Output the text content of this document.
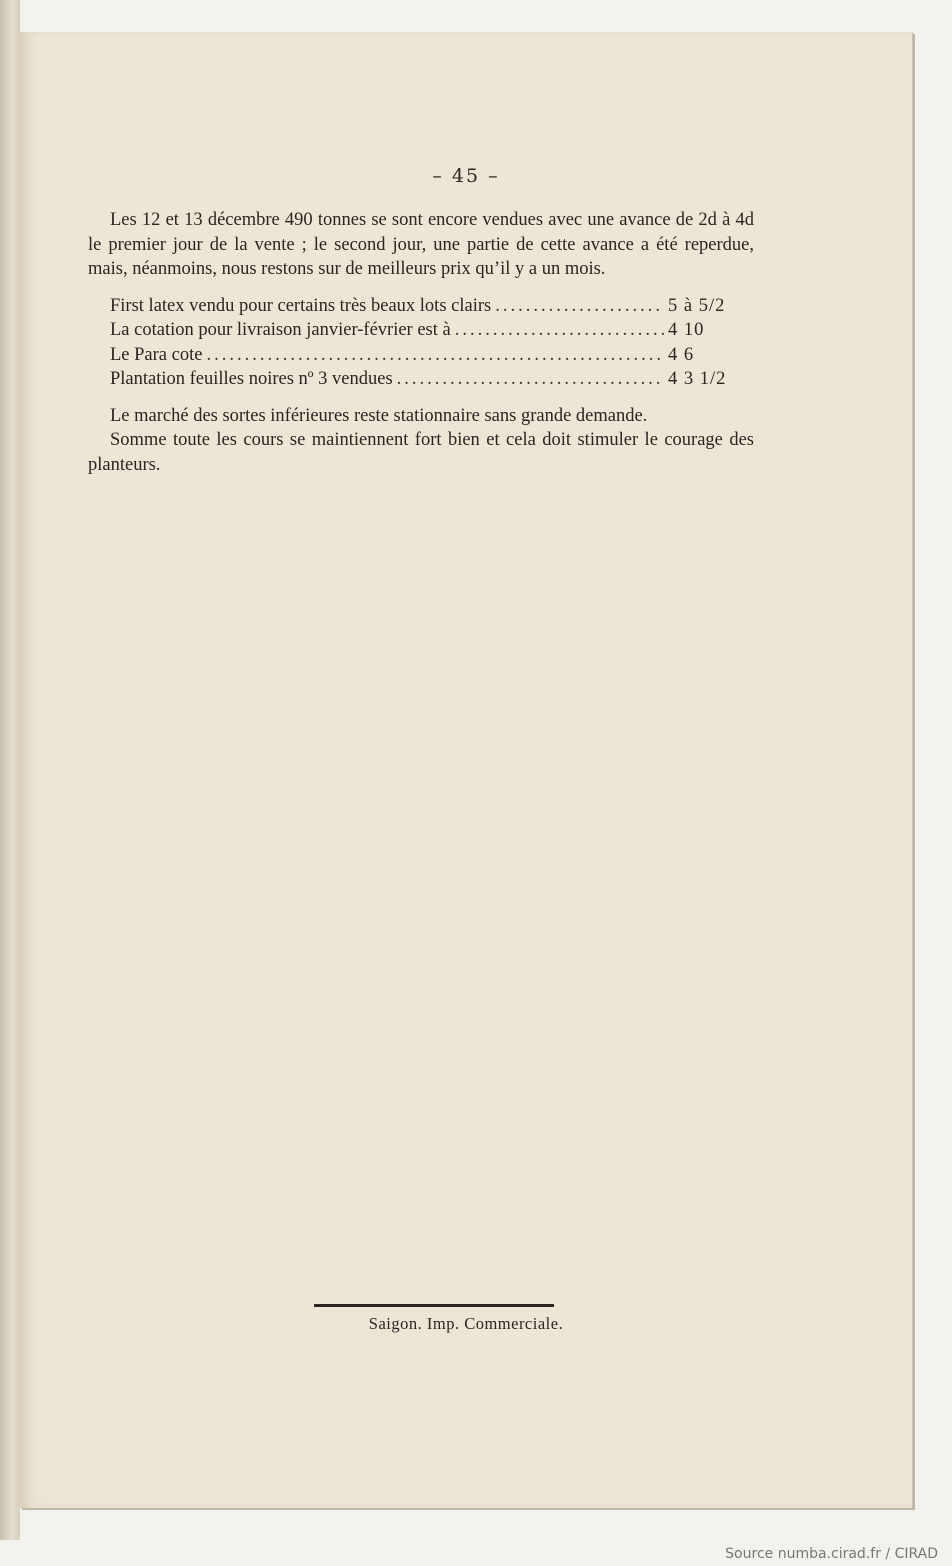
– 45 –

Les 12 et 13 décembre 490 tonnes se sont encore vendues avec une avance de 2d à 4d le premier jour de la vente ; le second jour, une partie de cette avance a été reperdue, mais, néanmoins, nous restons sur de meilleurs prix qu’il y a un mois.

First latex vendu pour certains très beaux lots clairs .....	5 à 5/2
La cotation pour livraison janvier-février est à .....	4 10
Le Para cote .....	4 6
Plantation feuilles noires nº 3 vendues .....	4 3 1/2

Le marché des sortes inférieures reste stationnaire sans grande demande.

Somme toute les cours se maintiennent fort bien et cela doit stimuler le courage des planteurs.

Saigon. Imp. Commerciale.
Source numba.cirad.fr / CIRAD
